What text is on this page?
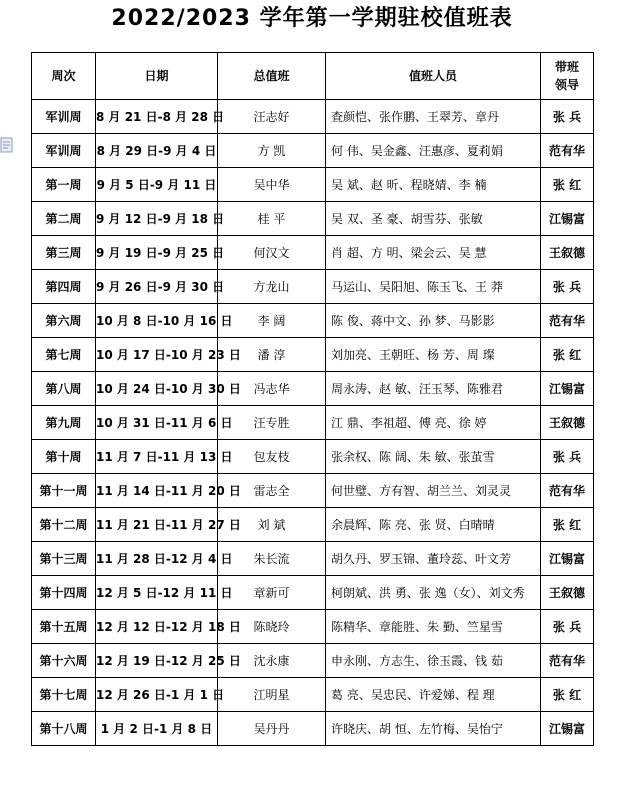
2022/2023 学年第一学期驻校值班表
周次	日期	总值班	值班人员	带班
领导
军训周	8 月 21 日-8 月 28 日	汪志好	查颜恺、张作鹏、王翠芳、章丹	张 兵
军训周	8 月 29 日-9 月 4 日	方 凯	何 伟、吴金鑫、汪惠彦、夏莉娟	范有华
第一周	9 月 5 日-9 月 11 日	吴中华	吴 斌、赵 昕、程晓婧、李 楠	张 红
第二周	9 月 12 日-9 月 18 日	桂 平	吴 双、圣 豪、胡雪芬、张敏	江锡富
第三周	9 月 19 日-9 月 25 日	何汉文	肖 超、方 明、梁会云、吴 慧	王叙德
第四周	9 月 26 日-9 月 30 日	方龙山	马运山、吴阳旭、陈玉飞、王 莽	张 兵
第六周	10 月 8 日-10 月 16 日	李 阔	陈 俊、蒋中文、孙 梦、马影影	范有华
第七周	10 月 17 日-10 月 23 日	潘 淳	刘加亮、王朝旺、杨 芳、周 璨	张 红
第八周	10 月 24 日-10 月 30 日	冯志华	周永涛、赵 敏、汪玉琴、陈雅君	江锡富
第九周	10 月 31 日-11 月 6 日	汪专胜	江 鼎、李祖超、傅 亮、徐 婷	王叙德
第十周	11 月 7 日-11 月 13 日	包友枝	张余权、陈 阔、朱 敏、张茧雪	张 兵
第十一周	11 月 14 日-11 月 20 日	雷志全	何世璧、方有智、胡兰兰、刘灵灵	范有华
第十二周	11 月 21 日-11 月 27 日	刘 斌	余晨辉、陈 亮、张 贤、白晴晴	张 红
第十三周	11 月 28 日-12 月 4 日	朱长流	胡久丹、罗玉锦、董玲蕊、叶文芳	江锡富
第十四周	12 月 5 日-12 月 11 日	章新可	柯朗斌、洪 勇、张 逸（女）、刘文秀	王叙德
第十五周	12 月 12 日-12 月 18 日	陈晓玲	陈精华、章能胜、朱 勤、竺星雪	张 兵
第十六周	12 月 19 日-12 月 25 日	沈永康	申永刚、方志生、徐玉霞、钱 茹	范有华
第十七周	12 月 26 日-1 月 1 日	江明星	葛 亮、吴忠民、许爱娣、程 理	张 红
第十八周	1 月 2 日-1 月 8 日	吴丹丹	许晓庆、胡 恒、左竹梅、吴怡宁	江锡富
